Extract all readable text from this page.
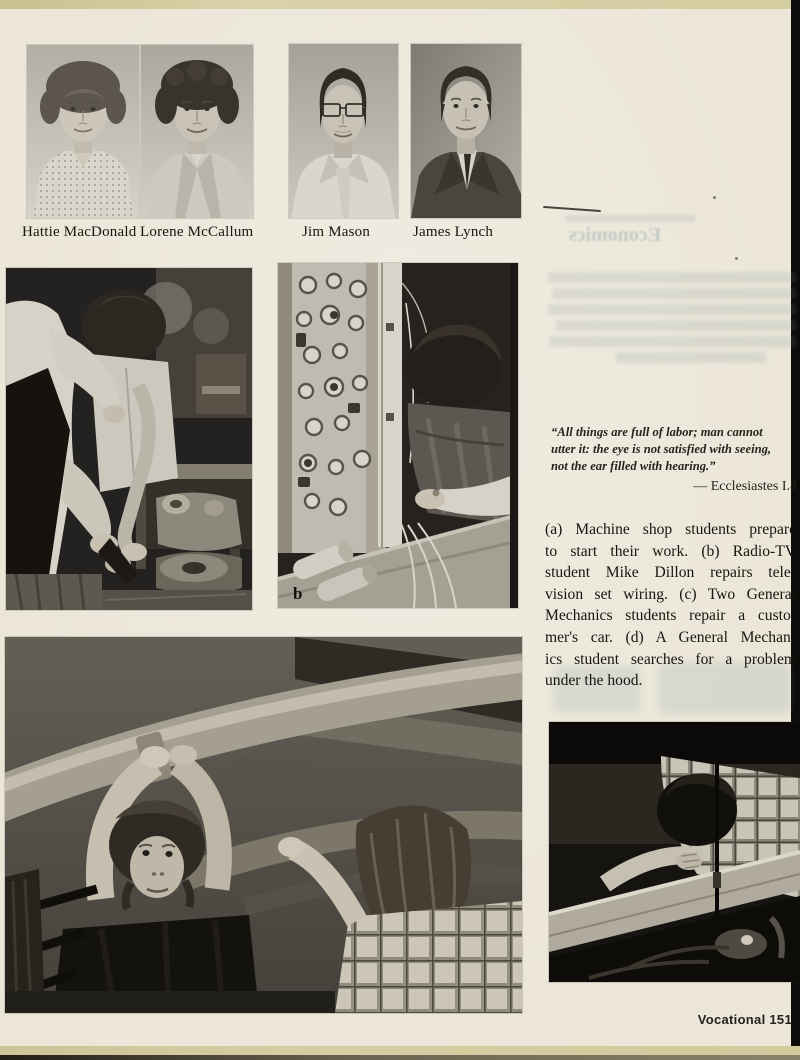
Economics
Hattie MacDonald Lorene McCallum	Jim Mason	James Lynch
b
“All things are full of labor; man cannot
utter it: the eye is not satisfied with seeing,
not the ear filled with hearing.”
— Ecclesiastes I.8
(a) Machine shop students prepare
to start their work. (b) Radio-TV
student Mike Dillon repairs tele-
vision set wiring. (c) Two General
Mechanics students repair a custo-
mer's car. (d) A General Mechan-
ics student searches for a problem
under the hood.
Vocational 151
